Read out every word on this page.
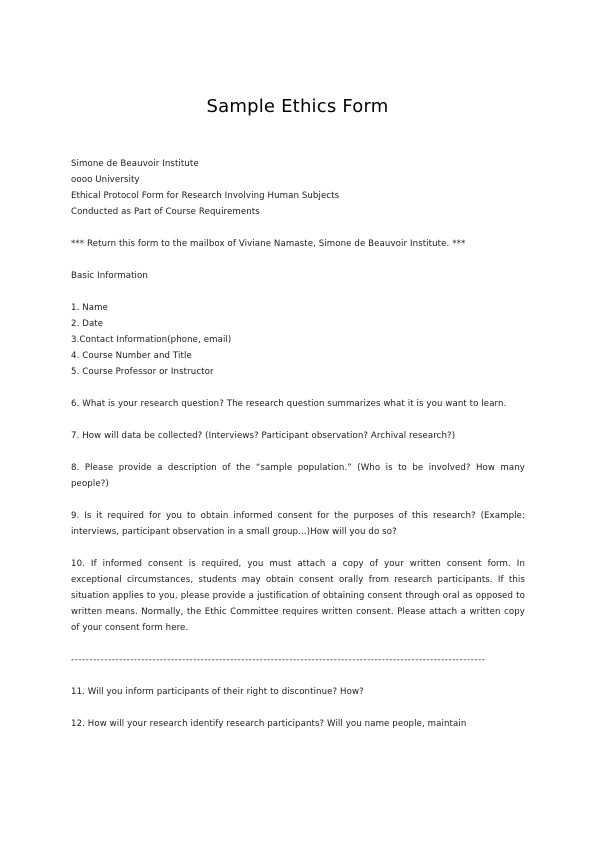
Sample Ethics Form
Simone de Beauvoir Institute
oooo University
Ethical Protocol Form for Research Involving Human Subjects
Conducted as Part of Course Requirements
*** Return this form to the mailbox of Viviane Namaste, Simone de Beauvoir Institute. ***
Basic Information
1. Name
2. Date
3.Contact Information(phone, email)
4. Course Number and Title
5. Course Professor or Instructor
6. What is your research question? The research question summarizes what it is you want to learn.
7. How will data be collected? (Interviews? Participant observation? Archival research?)
8. Please provide a description of the “sample population.” (Who is to be involved? How many people?)
9. Is it required for you to obtain informed consent for the purposes of this research? (Example: interviews, participant observation in a small group…)How will you do so?
10. If informed consent is required, you must attach a copy of your written consent form. In exceptional circumstances, students may obtain consent orally from research participants. If this situation applies to you, please provide a justification of obtaining consent through oral as opposed to written means. Normally, the Ethic Committee requires written consent. Please attach a written copy of your consent form here.
----------------------------------------------------------------------------------------------------------------
11. Will you inform participants of their right to discontinue? How?
12. How will your research identify research participants? Will you name people, maintain
